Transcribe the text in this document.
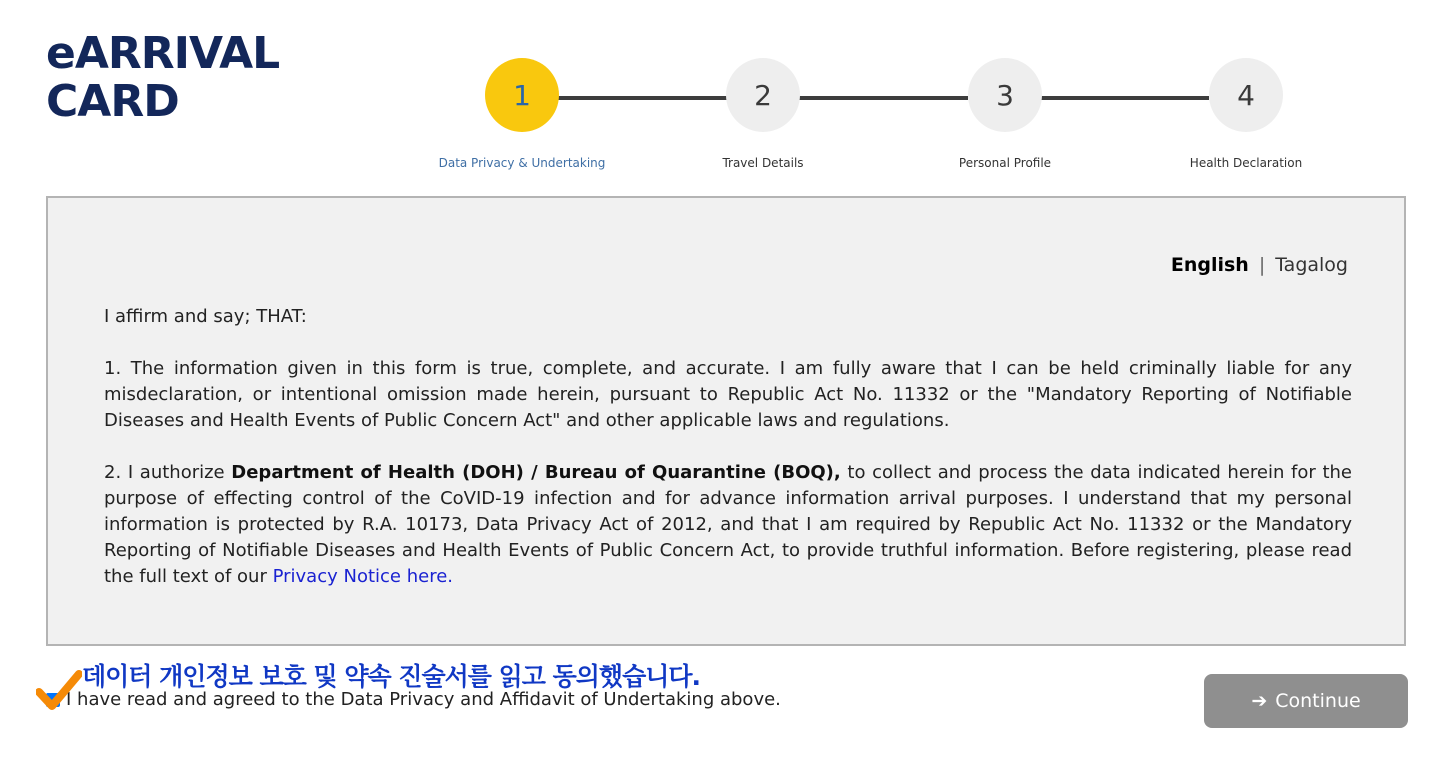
eARRIVAL
CARD	1
Data Privacy & Undertaking
2
Travel Details
3
Personal Profile
4
Health Declaration
English | Tagalog

I affirm and say; THAT:

1. The information given in this form is true, complete, and accurate. I am fully aware that I can be held criminally liable for any misdeclaration, or intentional omission made herein, pursuant to Republic Act No. 11332 or the "Mandatory Reporting of Notifiable Diseases and Health Events of Public Concern Act" and other applicable laws and regulations.

2. I authorize Department of Health (DOH) / Bureau of Quarantine (BOQ), to collect and process the data indicated herein for the purpose of effecting control of the CoVID-19 infection and for advance information arrival purposes. I understand that my personal information is protected by R.A. 10173, Data Privacy Act of 2012, and that I am required by Republic Act No. 11332 or the Mandatory Reporting of Notifiable Diseases and Health Events of Public Concern Act, to provide truthful information. Before registering, please read the full text of our Privacy Notice here.

데이터 개인정보 보호 및 약속 진술서를 읽고 동의했습니다.
I have read and agreed to the Data Privacy and Affidavit of Undertaking above.	➔ Continue
